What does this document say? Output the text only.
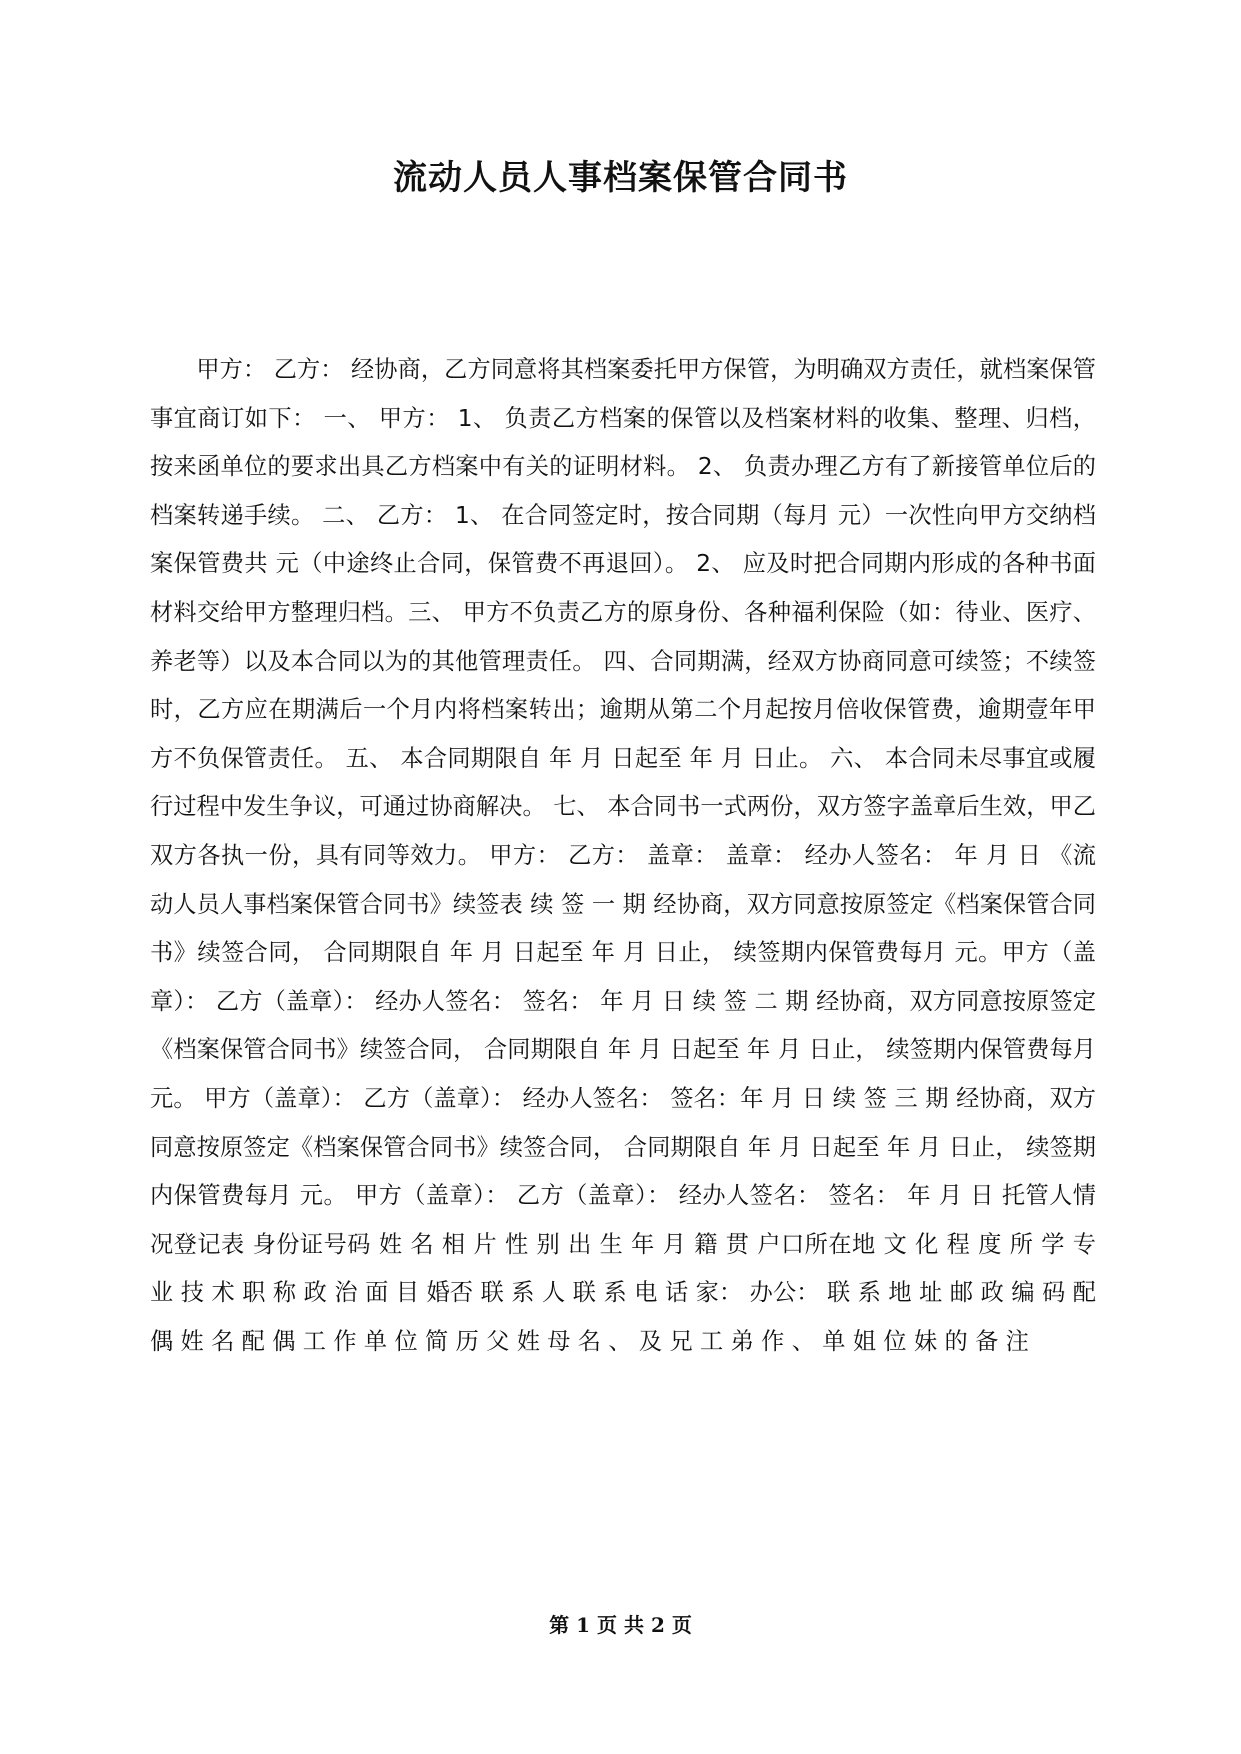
流动人员人事档案保管合同书

甲方： 乙方： 经协商，乙方同意将其档案委托甲方保管，为明确双方责任，就档案保管事宜商订如下： 一、 甲方： 1、 负责乙方档案的保管以及档案材料的收集、整理、归档，按来函单位的要求出具乙方档案中有关的证明材料。 2、 负责办理乙方有了新接管单位后的档案转递手续。 二、 乙方： 1、 在合同签定时，按合同期（每月 元）一次性向甲方交纳档案保管费共 元（中途终止合同，保管费不再退回）。 2、 应及时把合同期内形成的各种书面材料交给甲方整理归档。三、 甲方不负责乙方的原身份、各种福利保险（如：待业、医疗、养老等）以及本合同以为的其他管理责任。 四、合同期满，经双方协商同意可续签；不续签时，乙方应在期满后一个月内将档案转出；逾期从第二个月起按月倍收保管费，逾期壹年甲方不负保管责任。 五、 本合同期限自 年 月 日起至 年 月 日止。 六、 本合同未尽事宜或履行过程中发生争议，可通过协商解决。 七、 本合同书一式两份，双方签字盖章后生效，甲乙双方各执一份，具有同等效力。 甲方： 乙方： 盖章： 盖章： 经办人签名： 年 月 日 《流动人员人事档案保管合同书》续签表 续 签 一 期 经协商，双方同意按原签定《档案保管合同书》续签合同， 合同期限自 年 月 日起至 年 月 日止， 续签期内保管费每月 元。甲方（盖章）： 乙方（盖章）： 经办人签名： 签名： 年 月 日 续 签 二 期 经协商，双方同意按原签定《档案保管合同书》续签合同， 合同期限自 年 月 日起至 年 月 日止， 续签期内保管费每月 元。 甲方（盖章）： 乙方（盖章）： 经办人签名： 签名：年 月 日 续 签 三 期 经协商，双方同意按原签定《档案保管合同书》续签合同， 合同期限自 年 月 日起至 年 月 日止， 续签期内保管费每月 元。 甲方（盖章）： 乙方（盖章）： 经办人签名： 签名： 年 月 日 托管人情况登记表 身份证号码 姓 名 相 片 性 别 出 生 年 月 籍 贯 户口所在地 文 化 程 度 所 学 专 业 技 术 职 称 政 治 面 目 婚否 联 系 人 联 系 电 话 家： 办公： 联 系 地 址 邮 政 编 码 配 偶 姓 名 配 偶 工 作 单 位 简 历 父 姓 母 名 、 及 兄 工 弟 作 、 单 姐 位 妹 的 备 注

第 1 页 共 2 页
